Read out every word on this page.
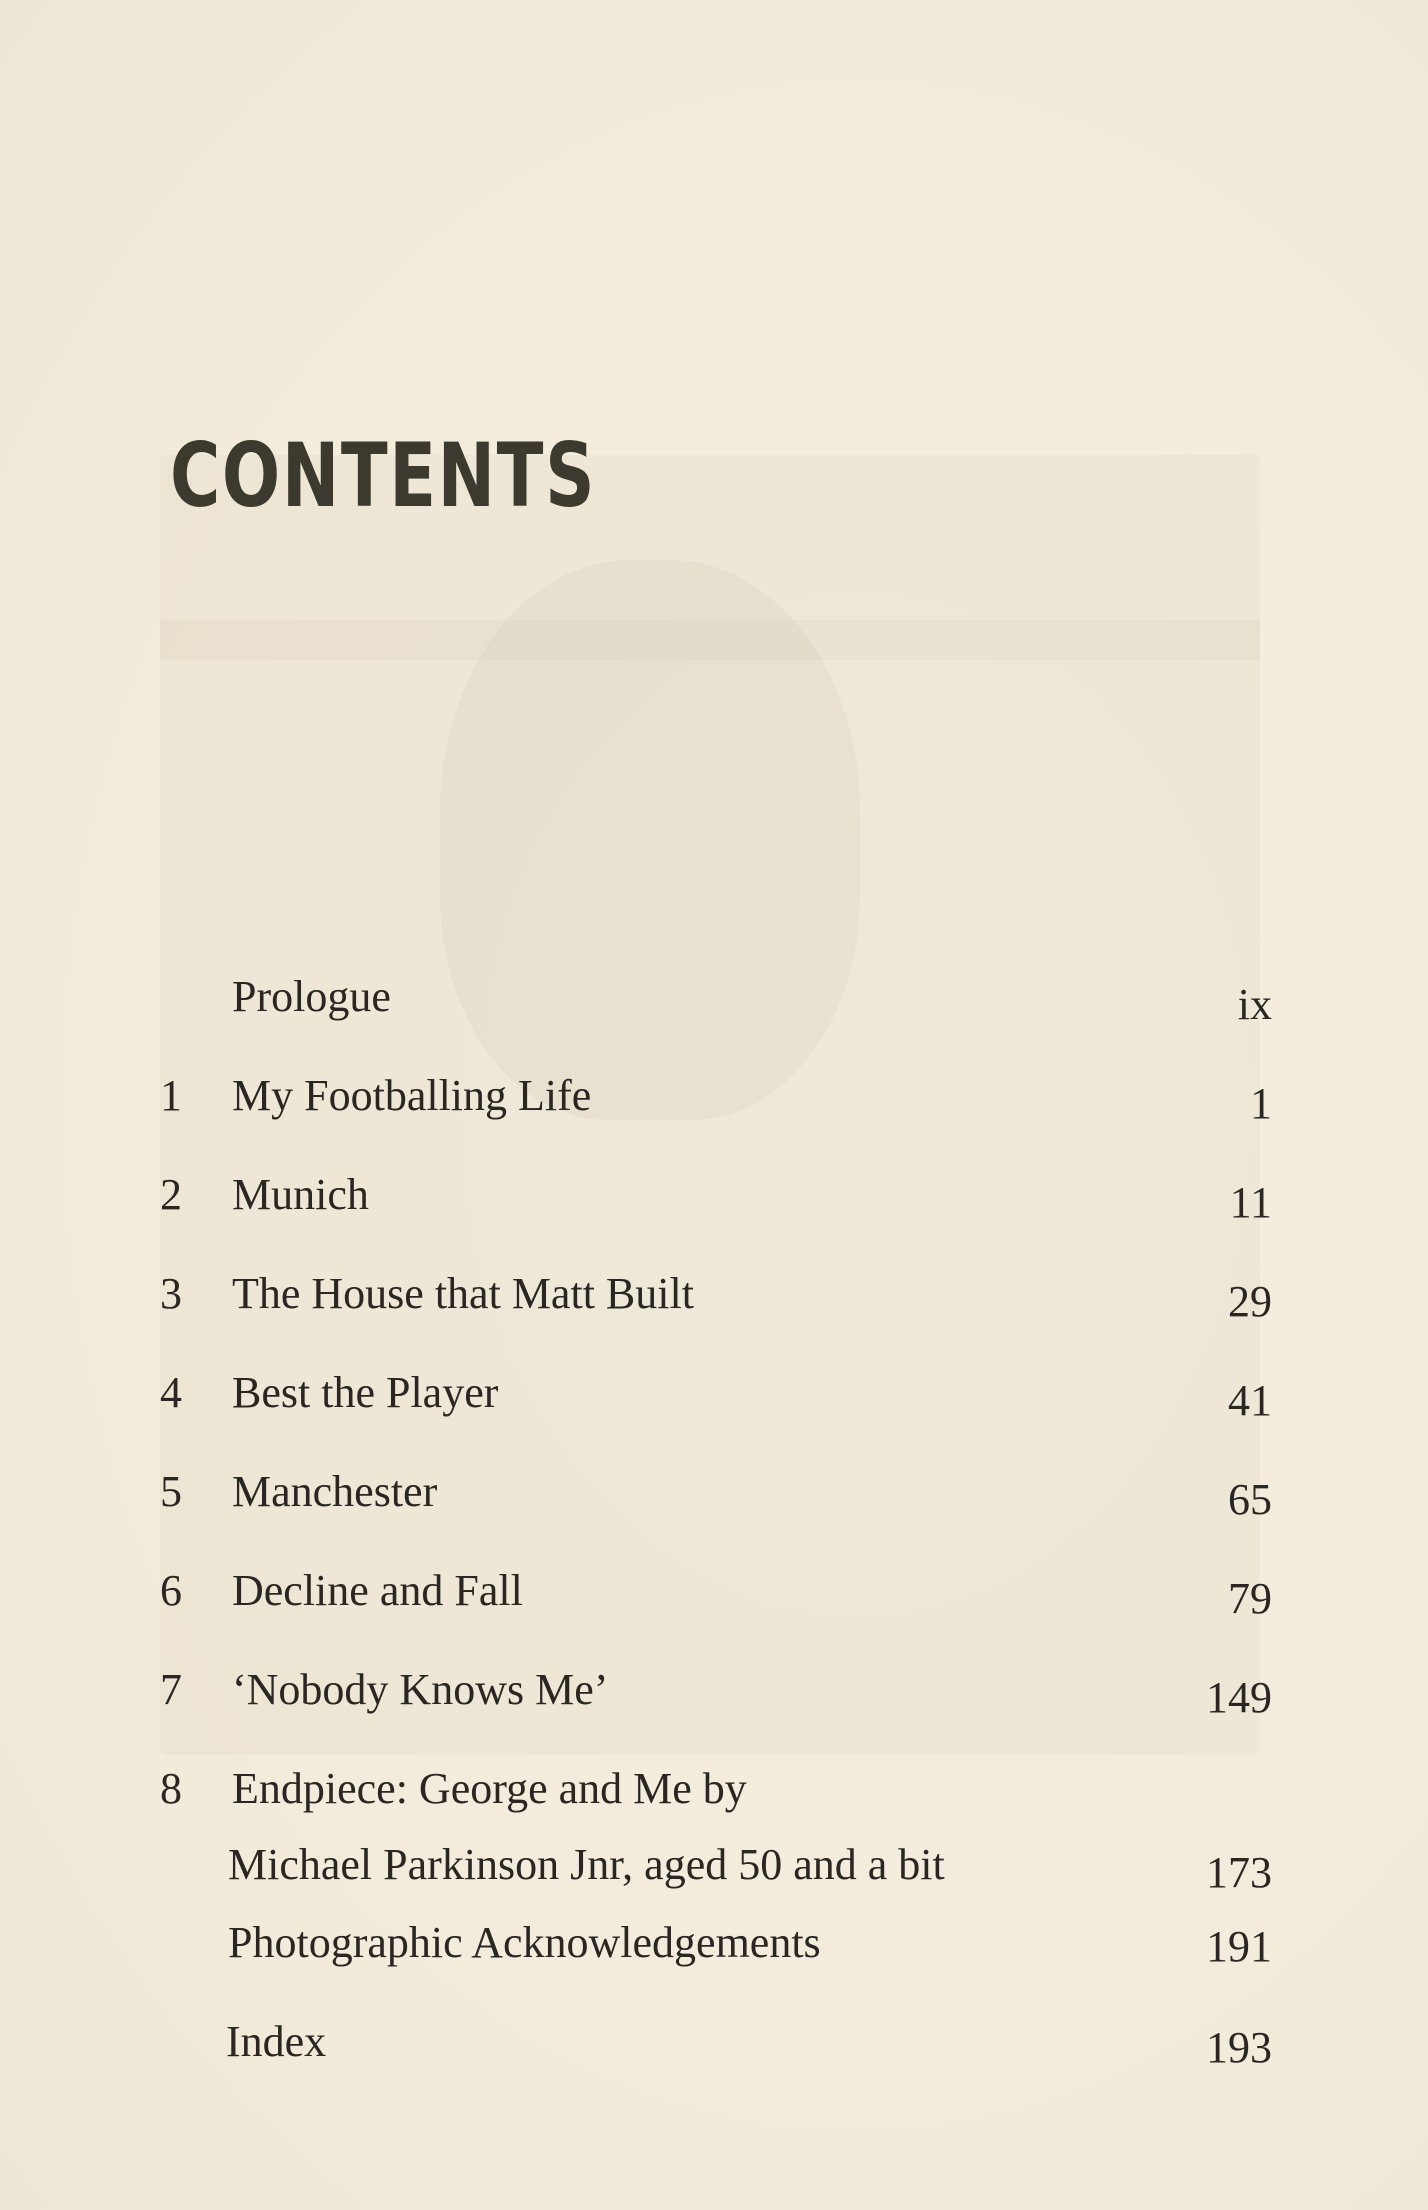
CONTENTS
Prologue	ix
1	My Footballing Life	1
2	Munich	11
3	The House that Matt Built	29
4	Best the Player	41
5	Manchester	65
6	Decline and Fall	79
7	‘Nobody Knows Me’	149
8	Endpiece: George and Me by
Michael Parkinson Jnr, aged 50 and a bit	173
Photographic Acknowledgements	191
Index	193
